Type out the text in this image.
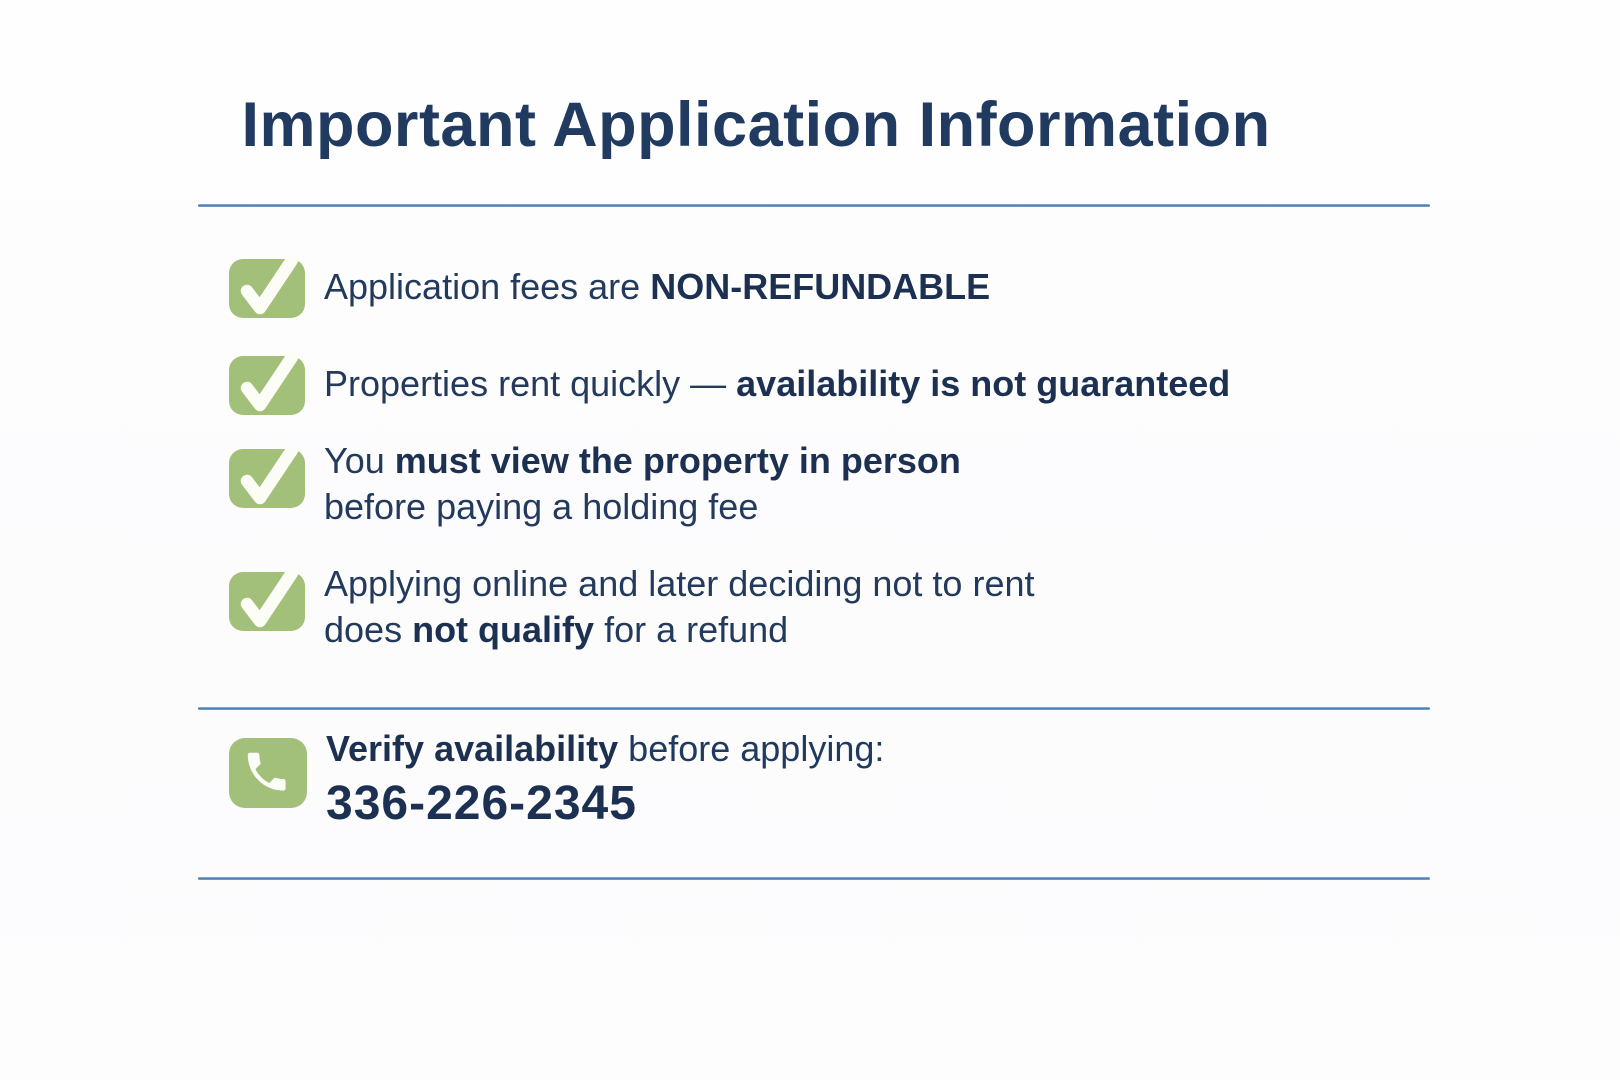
Important Application Information
Application fees are NON-REFUNDABLE
Properties rent quickly — availability is not guaranteed
You must view the property in person
before paying a holding fee
Applying online and later deciding not to rent
does not qualify for a refund
Verify availability before applying:
336-226-2345
